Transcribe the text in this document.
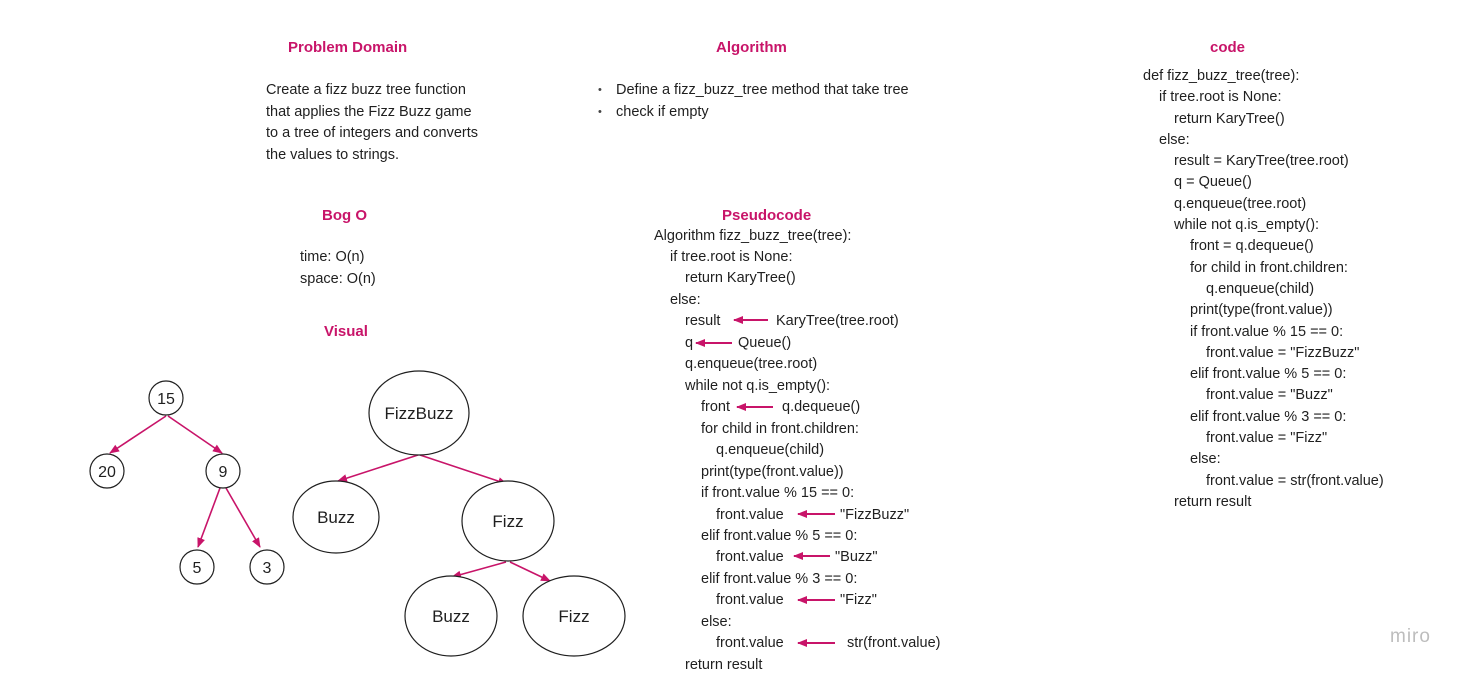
Problem Domain	Algorithm	code
Bog O	Pseudocode
Visual
Create a fizz buzz tree function
that applies the Fizz Buzz game
to a tree of integers and converts
the values to strings.
• Define a fizz_buzz_tree method that take tree
• check if empty
time: O(n)
space: O(n)
def fizz_buzz_tree(tree):
if tree.root is None:
return KaryTree()
else:
result = KaryTree(tree.root)
q = Queue()
q.enqueue(tree.root)
while not q.is_empty():
front = q.dequeue()
for child in front.children:
q.enqueue(child)
print(type(front.value))
if front.value % 15 == 0:
front.value = "FizzBuzz"
elif front.value % 5 == 0:
front.value = "Buzz"
elif front.value % 3 == 0:
front.value = "Fizz"
else:
front.value = str(front.value)
return result
Algorithm fizz_buzz_tree(tree):
if tree.root is None:
return KaryTree()
else:
result	KaryTree(tree.root)
q	Queue()
q.enqueue(tree.root)
while not q.is_empty():
front	q.dequeue()
for child in front.children:
q.enqueue(child)
print(type(front.value))
if front.value % 15 == 0:
front.value	"FizzBuzz"
elif front.value % 5 == 0:
front.value	"Buzz"
elif front.value % 3 == 0:
front.value	"Fizz"
else:
front.value	str(front.value)
return result
15
20	9
5	3
FizzBuzz
Buzz	Fizz
Buzz	Fizz
miro
